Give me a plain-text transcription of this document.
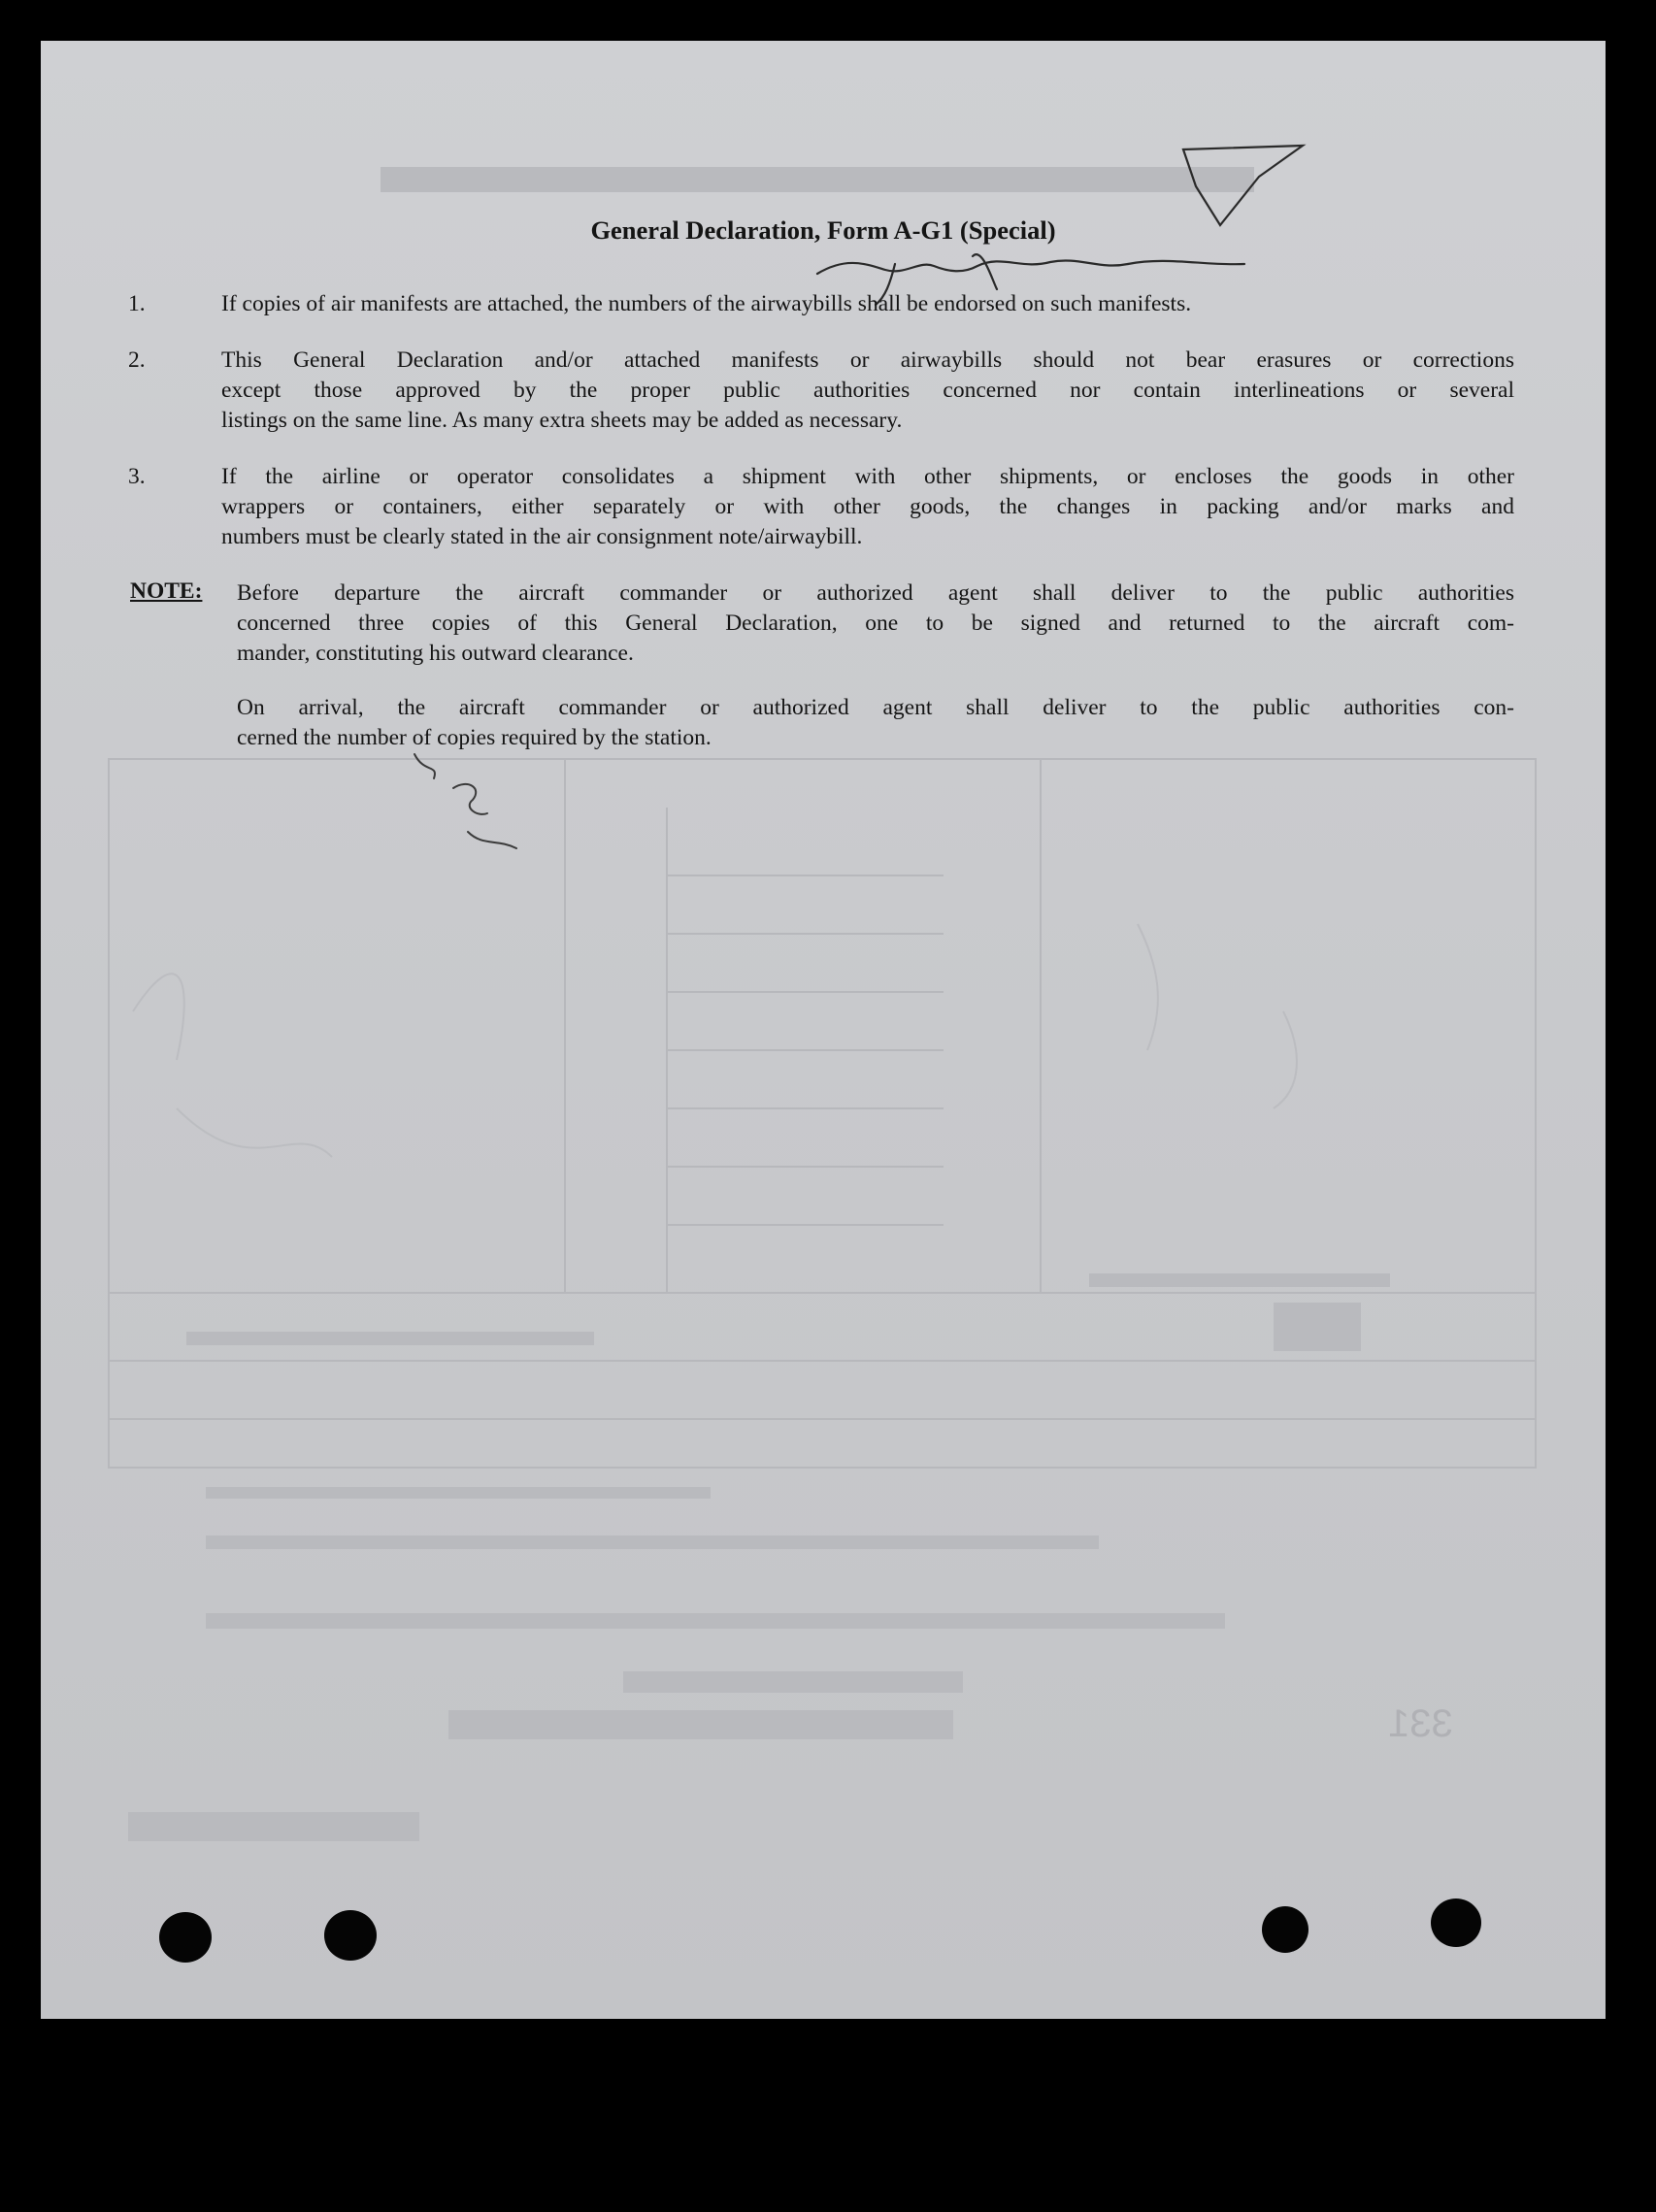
331
General Declaration, Form A-G1 (Special)
1.	If copies of air manifests are attached, the numbers of the airwaybills shall be endorsed on such manifests.
2.	This General Declaration and/or attached manifests or airwaybills should not bear erasures or corrections
except those approved by the proper public authorities concerned nor contain interlineations or several
listings on the same line. As many extra sheets may be added as necessary.
3.	If the airline or operator consolidates a shipment with other shipments, or encloses the goods in other
wrappers or containers, either separately or with other goods, the changes in packing and/or marks and
numbers must be clearly stated in the air consignment note/airwaybill.
NOTE: Before departure the aircraft commander or authorized agent shall deliver to the public authorities
concerned three copies of this General Declaration, one to be signed and returned to the aircraft com-
mander, constituting his outward clearance.
On arrival, the aircraft commander or authorized agent shall deliver to the public authorities con-
cerned the number of copies required by the station.
